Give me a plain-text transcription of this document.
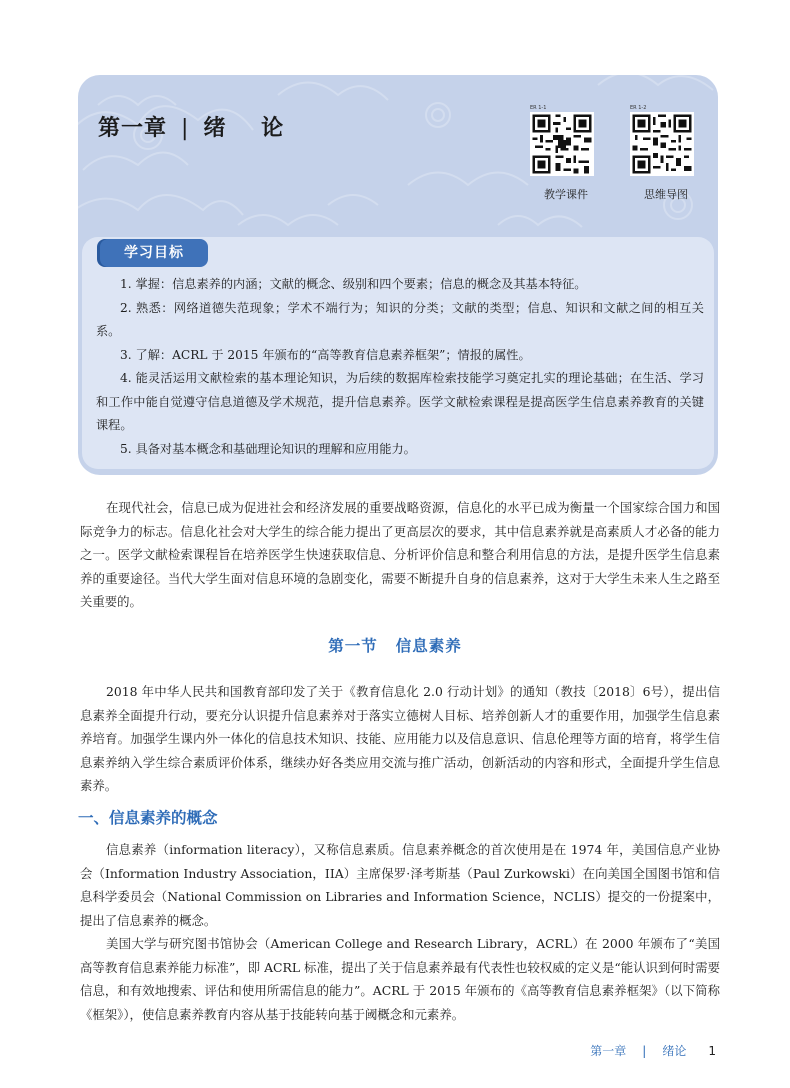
第一章 | 绪 论
ER 1-1
教学课件
ER 1-2
思维导图
学习目标
1. 掌握：信息素养的内涵；文献的概念、级别和四个要素；信息的概念及其基本特征。
2. 熟悉：网络道德失范现象；学术不端行为；知识的分类；文献的类型；信息、知识和文献之间的相互关系。
3. 了解：ACRL 于 2015 年颁布的“高等教育信息素养框架”；情报的属性。
4. 能灵活运用文献检索的基本理论知识，为后续的数据库检索技能学习奠定扎实的理论基础；在生活、学习和工作中能自觉遵守信息道德及学术规范，提升信息素养。医学文献检索课程是提高医学生信息素养教育的关键课程。
5. 具备对基本概念和基础理论知识的理解和应用能力。

在现代社会，信息已成为促进社会和经济发展的重要战略资源，信息化的水平已成为衡量一个国家综合国力和国际竞争力的标志。信息化社会对大学生的综合能力提出了更高层次的要求，其中信息素养就是高素质人才必备的能力之一。医学文献检索课程旨在培养医学生快速获取信息、分析评价信息和整合利用信息的方法，是提升医学生信息素养的重要途径。当代大学生面对信息环境的急剧变化，需要不断提升自身的信息素养，这对于大学生未来人生之路至关重要的。

第一节 信息素养

2018 年中华人民共和国教育部印发了关于《教育信息化 2.0 行动计划》的通知（教技〔2018〕6号），提出信息素养全面提升行动，要充分认识提升信息素养对于落实立德树人目标、培养创新人才的重要作用，加强学生信息素养培育。加强学生课内外一体化的信息技术知识、技能、应用能力以及信息意识、信息伦理等方面的培育，将学生信息素养纳入学生综合素质评价体系，继续办好各类应用交流与推广活动，创新活动的内容和形式，全面提升学生信息素养。

一、信息素养的概念

信息素养（information literacy），又称信息素质。信息素养概念的首次使用是在 1974 年，美国信息产业协会（Information Industry Association，IIA）主席保罗·泽考斯基（Paul Zurkowski）在向美国全国图书馆和信息科学委员会（National Commission on Libraries and Information Science，NCLIS）提交的一份提案中，提出了信息素养的概念。

美国大学与研究图书馆协会（American College and Research Library，ACRL）在 2000 年颁布了“美国高等教育信息素养能力标准”，即 ACRL 标准，提出了关于信息素养最有代表性也较权威的定义是“能认识到何时需要信息，和有效地搜索、评估和使用所需信息的能力”。ACRL 于 2015 年颁布的《高等教育信息素养框架》（以下简称《框架》），使信息素养教育内容从基于技能转向基于阈概念和元素养。

第一章 | 绪论 1
